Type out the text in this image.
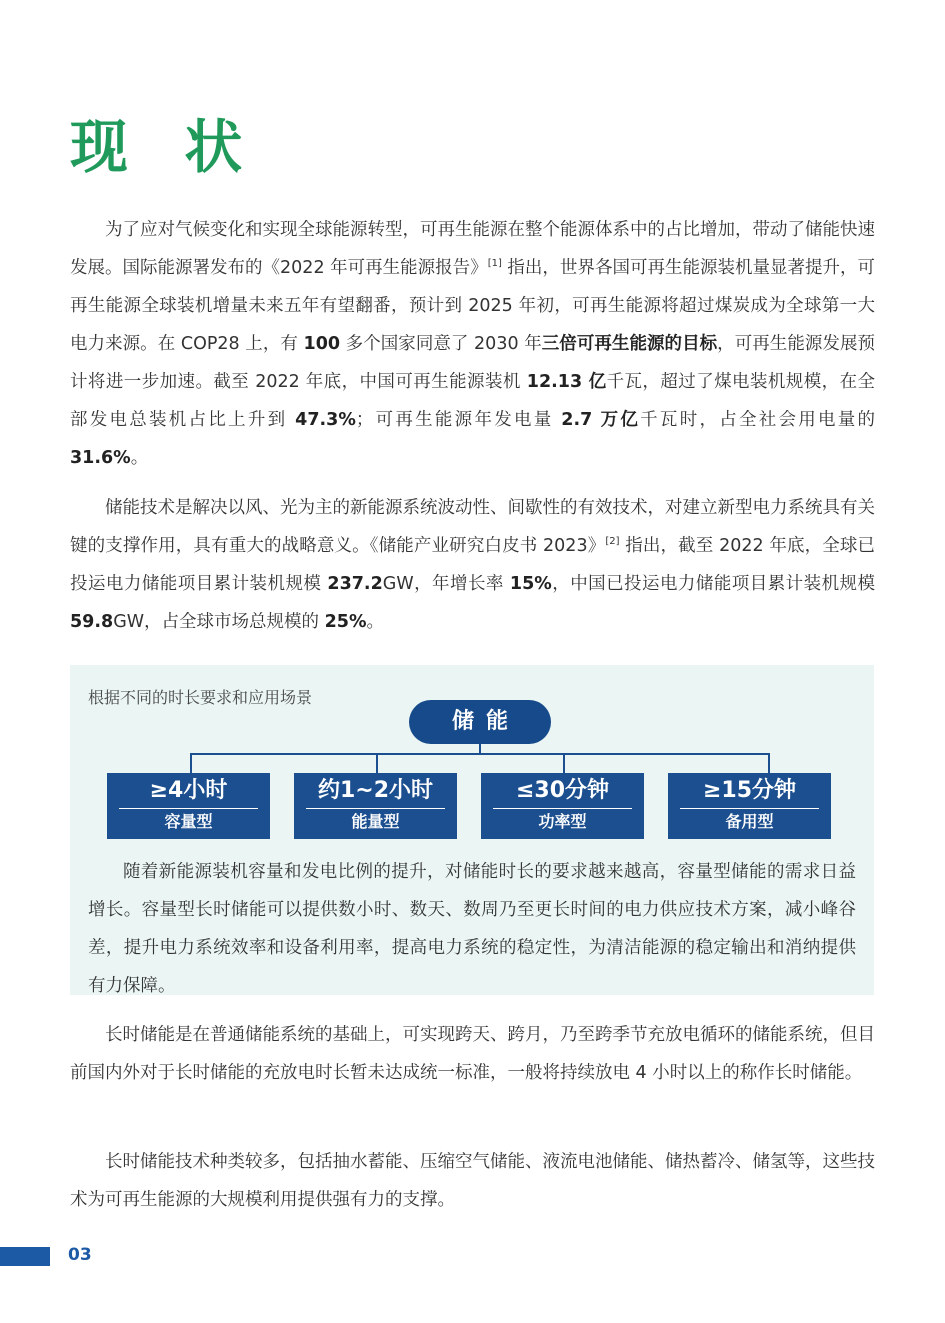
现 状

为了应对气候变化和实现全球能源转型，可再生能源在整个能源体系中的占比增加，带动了储能快速发展。国际能源署发布的《2022 年可再生能源报告》[1] 指出，世界各国可再生能源装机量显著提升，可再生能源全球装机增量未来五年有望翻番，预计到 2025 年初，可再生能源将超过煤炭成为全球第一大电力来源。在 COP28 上，有 100 多个国家同意了 2030 年三倍可再生能源的目标，可再生能源发展预计将进一步加速。截至 2022 年底，中国可再生能源装机 12.13 亿千瓦，超过了煤电装机规模，在全部发电总装机占比上升到 47.3%；可再生能源年发电量 2.7 万亿千瓦时，占全社会用电量的 31.6%。

储能技术是解决以风、光为主的新能源系统波动性、间歇性的有效技术，对建立新型电力系统具有关键的支撑作用，具有重大的战略意义。《储能产业研究白皮书 2023》[2] 指出，截至 2022 年底，全球已投运电力储能项目累计装机规模 237.2GW，年增长率 15%，中国已投运电力储能项目累计装机规模 59.8GW，占全球市场总规模的 25%。

根据不同的时长要求和应用场景
储能
≥4小时
容量型
约1~2小时
能量型
≤30分钟
功率型
≥15分钟
备用型

随着新能源装机容量和发电比例的提升，对储能时长的要求越来越高，容量型储能的需求日益增长。容量型长时储能可以提供数小时、数天、数周乃至更长时间的电力供应技术方案，减小峰谷差，提升电力系统效率和设备利用率，提高电力系统的稳定性，为清洁能源的稳定输出和消纳提供有力保障。

长时储能是在普通储能系统的基础上，可实现跨天、跨月，乃至跨季节充放电循环的储能系统，但目前国内外对于长时储能的充放电时长暂未达成统一标准，一般将持续放电 4 小时以上的称作长时储能。

长时储能技术种类较多，包括抽水蓄能、压缩空气储能、液流电池储能、储热蓄冷、储氢等，这些技术为可再生能源的大规模利用提供强有力的支撑。

03
